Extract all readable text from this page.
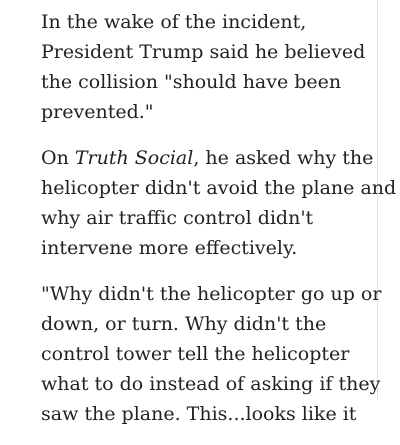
In the wake of the incident, President Trump said he believed the collision "should have been prevented."

On Truth Social, he asked why the helicopter didn't avoid the plane and why air traffic control didn't intervene more effectively.

"Why didn't the helicopter go up or down, or turn. Why didn't the control tower tell the helicopter what to do instead of asking if they saw the plane. This...looks like it
